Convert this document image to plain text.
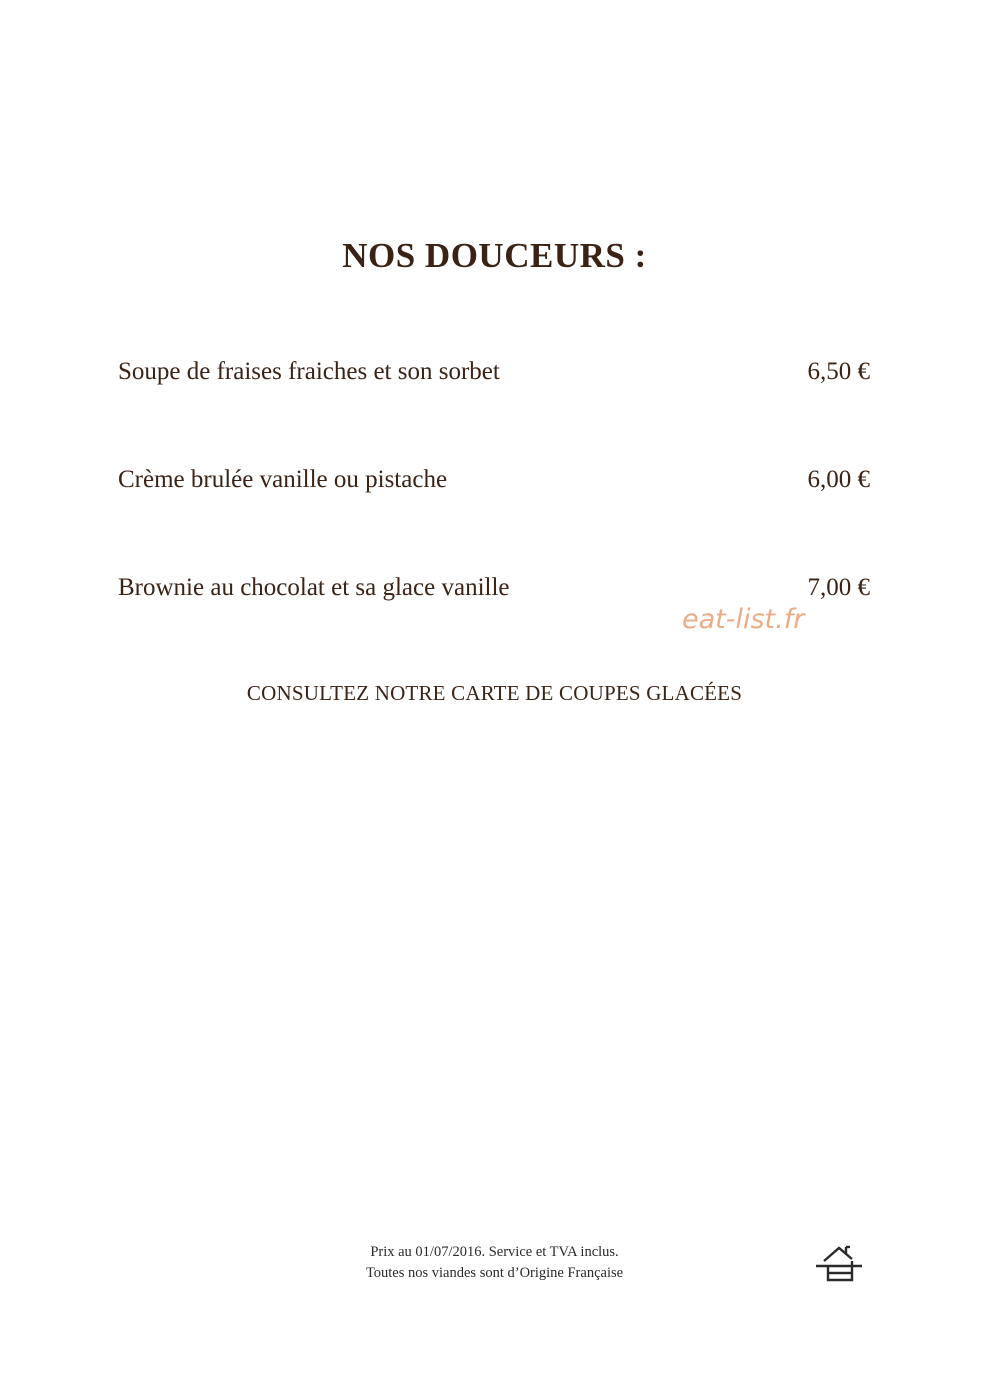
NOS DOUCEURS :
Soupe de fraises fraiches et son sorbet	6,50 €
Crème brulée vanille ou pistache	6,00 €
Brownie au chocolat et sa glace vanille	7,00 €
eat-list.fr
CONSULTEZ NOTRE CARTE DE COUPES GLACÉES
Prix au 01/07/2016. Service et TVA inclus.
Toutes nos viandes sont d’Origine Française
